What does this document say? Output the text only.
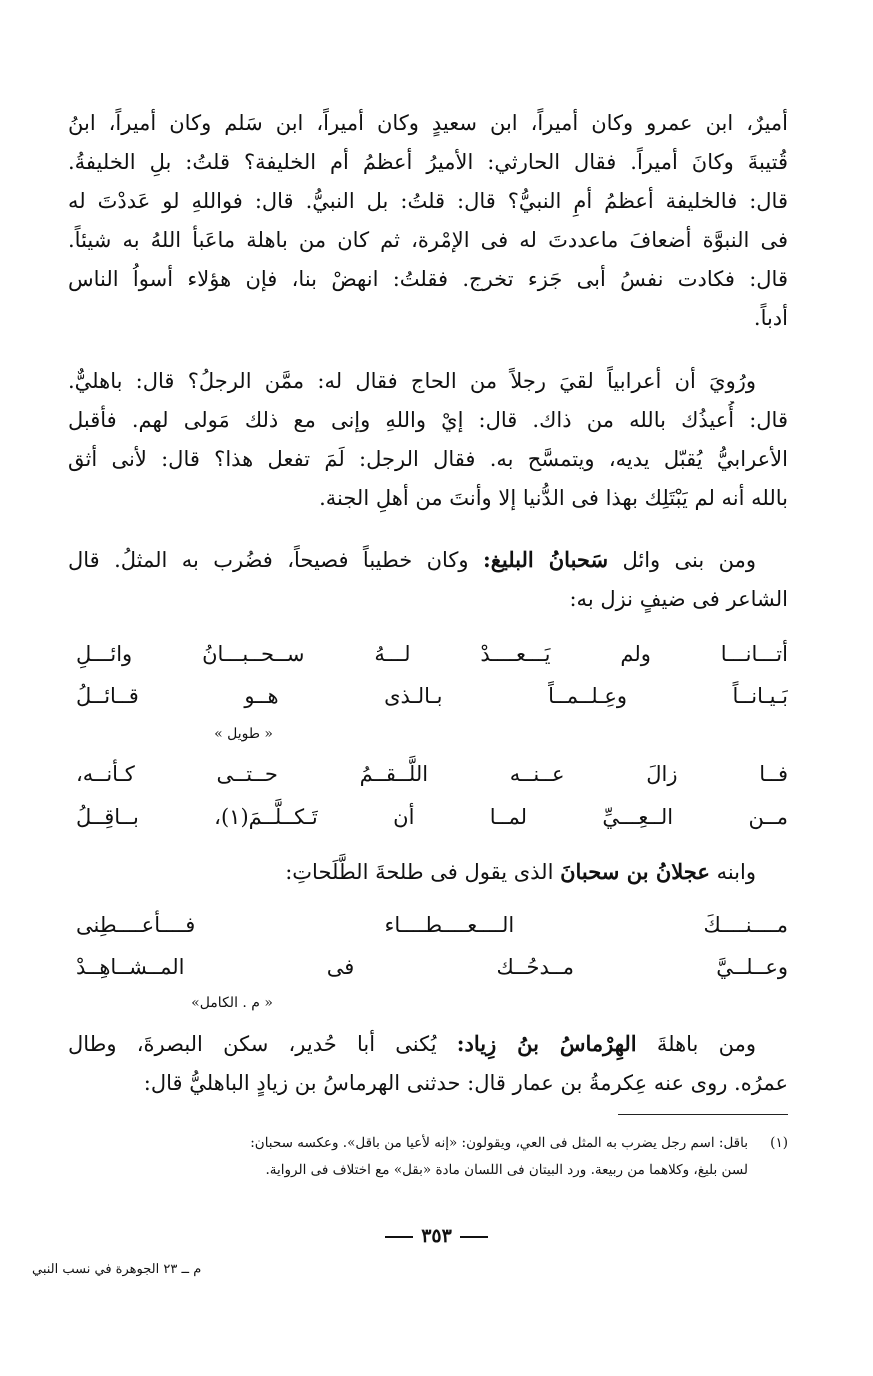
أميرٌ، ابن عمرو وكان أميراً، ابن سعيدٍ وكان أميراً، ابن سَلم وكان أميراً، ابنُ
قُتيبةَ وكانَ أميراً. فقال الحارثي: الأميرُ أعظمُ أم الخليفة؟ قلتُ: بلِ الخليفةُ.
قال: فالخليفة أعظمُ أمِ النبيُّ؟ قال: قلتُ: بل النبيُّ. قال: فواللهِ لو عَددْتَ له
فى النبوَّة أضعافَ ماعددتَ له فى الإمْرة، ثم كان من باهلة ماعَبأ اللهُ به شيئاً.
قال: فكادت نفسُ أبى جَزء تخرج. فقلتُ: انهضْ بنا، فإن هؤلاء أسواُ الناس
أدباً.
ورُويَ أن أعرابياً لقيَ رجلاً من الحاج فقال له: ممَّن الرجلُ؟ قال: باهليٌّ.
قال: أُعيذُك بالله من ذاك. قال: إيْ واللهِ وإنى مع ذلك مَولى لهم. فأقبل
الأعرابيُّ يُقبّل يديه، ويتمسَّح به. فقال الرجل: لَمَ تفعل هذا؟ قال: لأنى أثق
بالله أنه لم يَبْتَلِك بهذا فى الدُّنيا إلا وأنتَ من أهلِ الجنة.
ومن بنى وائل سَحبانُ البليغ: وكان خطيباً فصيحاً، فضُرب به المثلُ. قال
الشاعر فى ضيفٍ نزل به:
أتـــانـــا ولم يَـــعــــدْ لـــهُ ســحــبـــانُ وائـــلِ
بَـيـانــاً وعِـلــمــاً بـالـذى هــو قــائــلُ
« طويل »
فــا زالَ عــنــه اللَّــقــمُ حــتــى كـأنــه،
مــن الــعِـــيِّ لمــا أن تَـكــلَّــمَ(١)، بــاقِــلُ
وابنه عجلانُ بن سحبانَ الذى يقول فى طلحةَ الطَّلَحاتِ:
مــــنــــكَ الــــعــــطــــاء فــــأعــــطِنى
وعــلــيَّ مــدحُــك فى المــشــاهِــدْ
« م . الكامل»
ومن باهلةَ الهِرْماسُ بنُ زِياد: يُكنى أبا حُدير، سكن البصرةَ، وطال
عمرُه. روى عنه عِكرمةُ بن عمار قال: حدثنى الهرماسُ بن زيادٍ الباهليُّ قال:
(١)باقل: اسم رجل يضرب به المثل فى العي، ويقولون: «إنه لأعيا من باقل». وعكسه سحبان:
لسن بليغ، وكلاهما من ربيعة. ورد البيتان فى اللسان مادة «بقل» مع اختلاف فى الرواية.
٣٥٣
م ــ ٢٣ الجوهرة في نسب النبي
